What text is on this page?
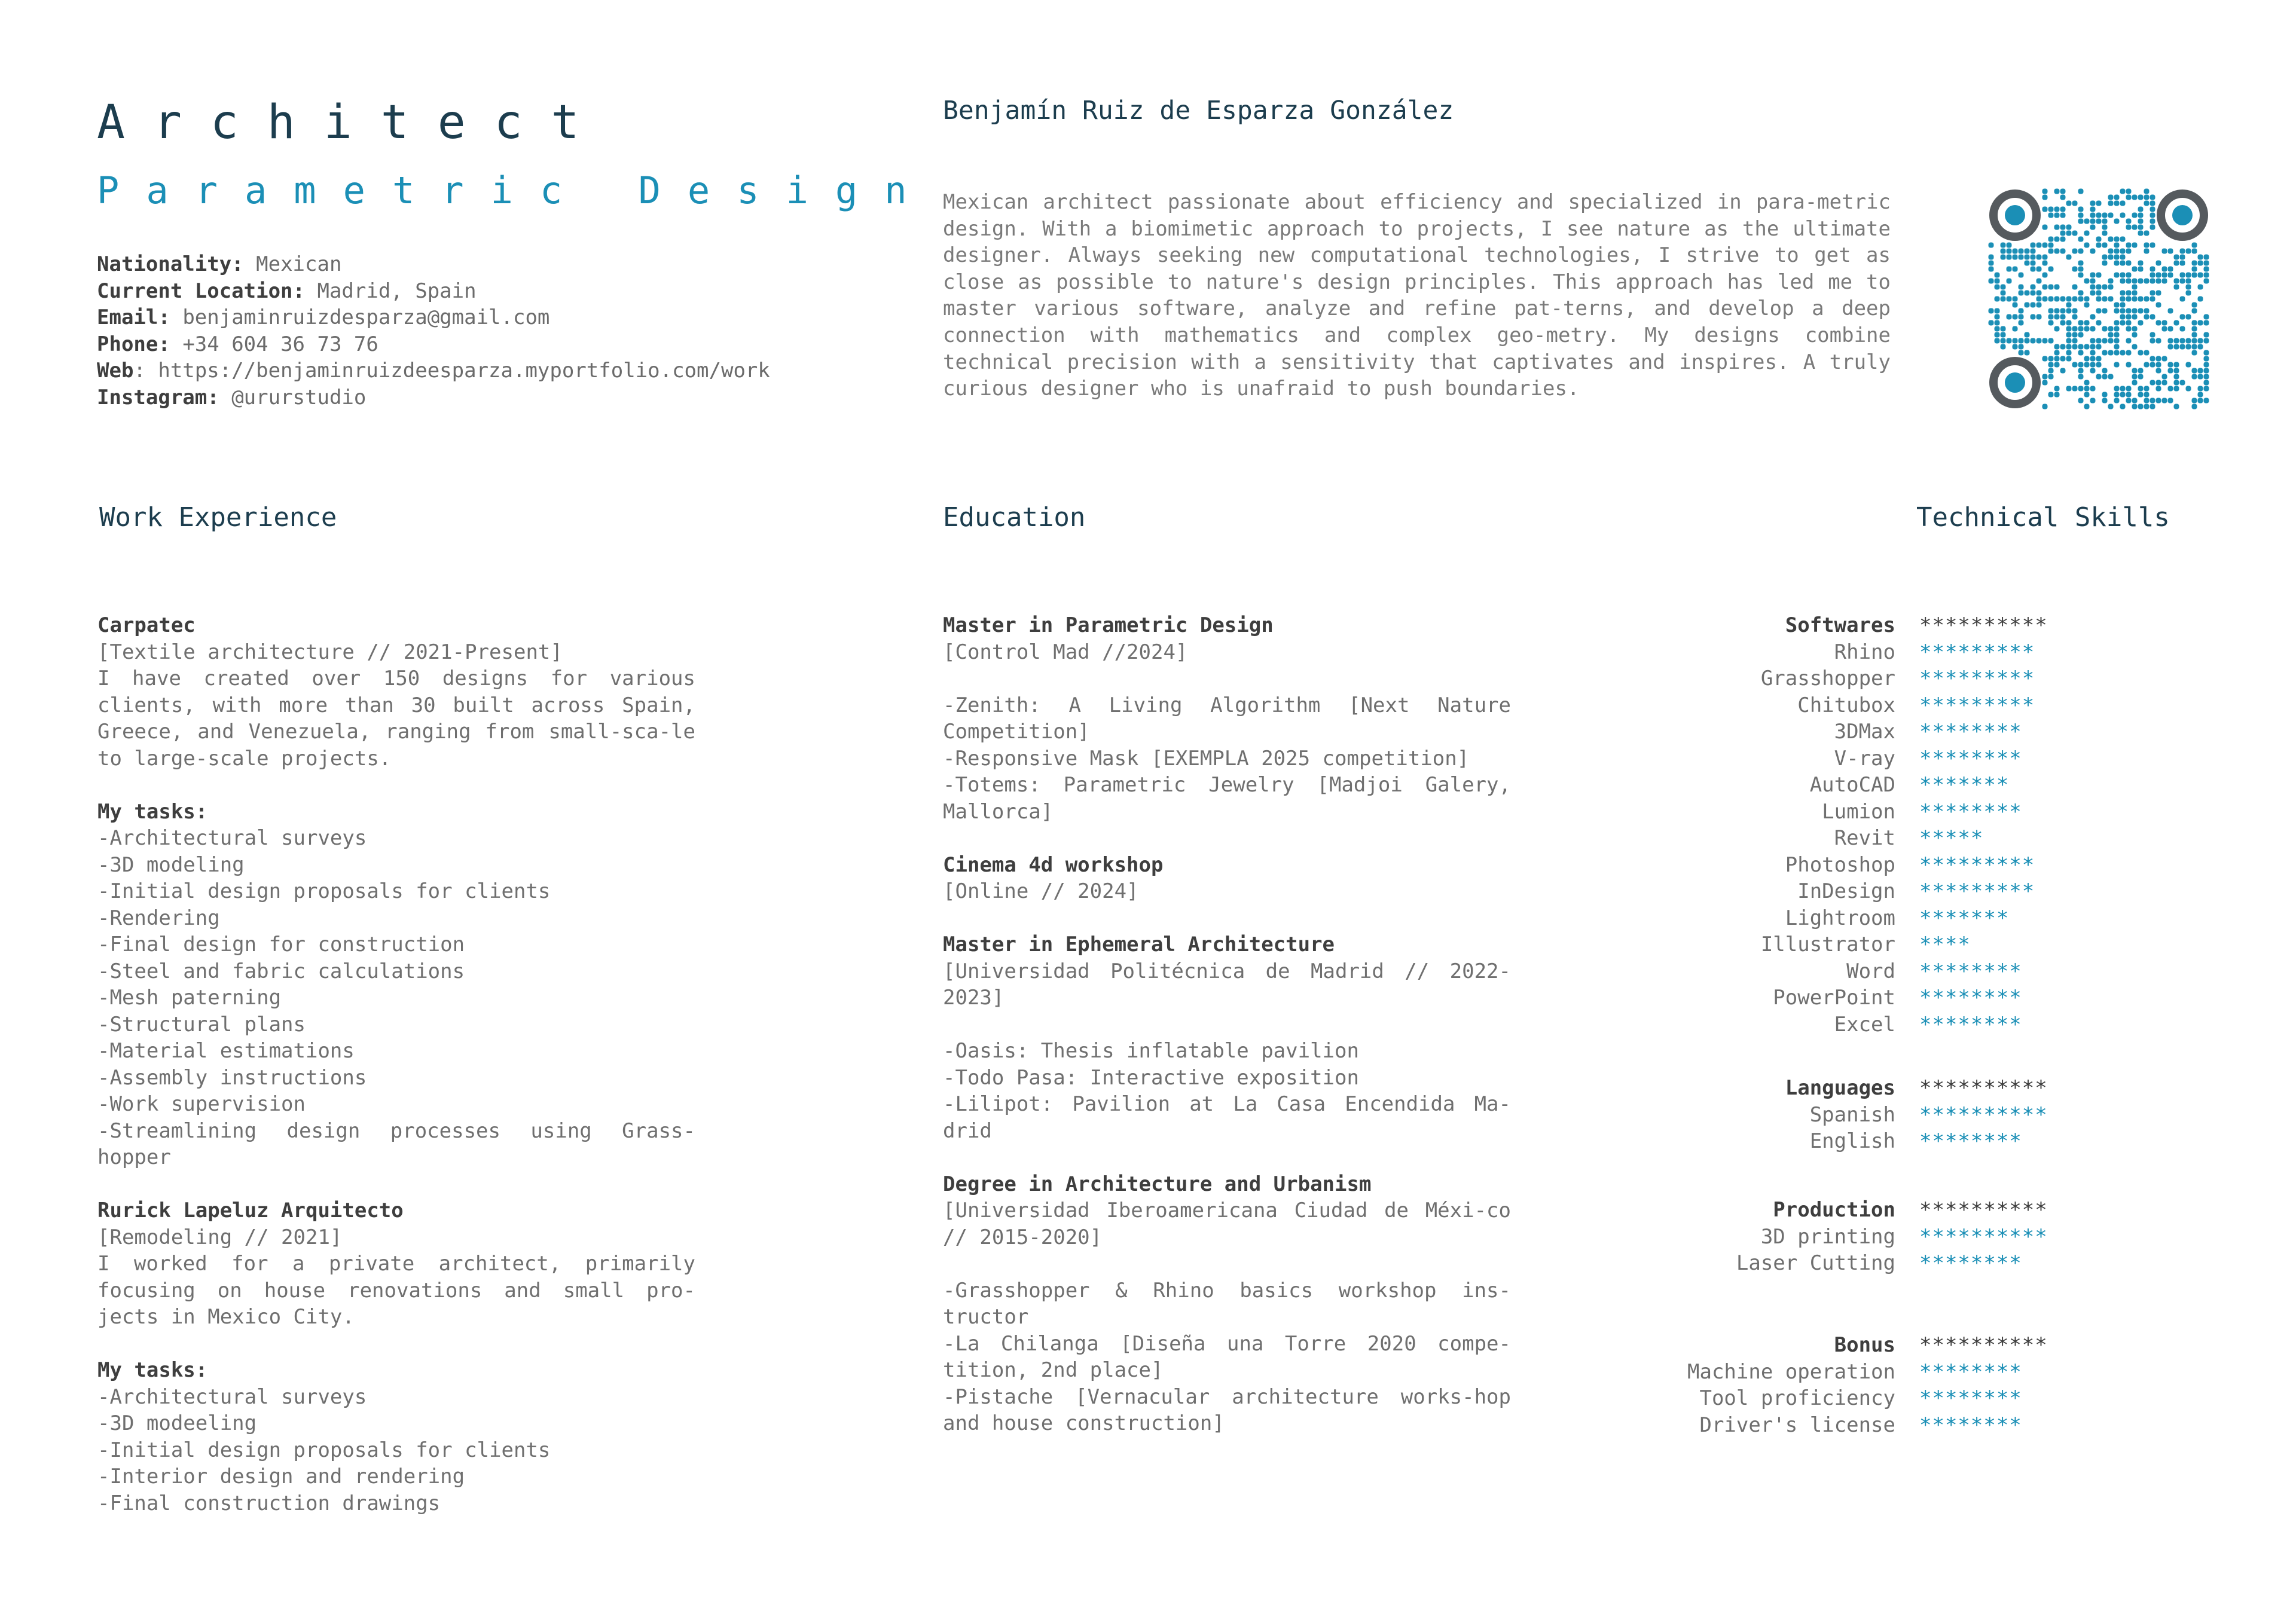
Architect
Parametric Design
Benjamín Ruiz de Esparza González
Nationality: Mexican
Current Location: Madrid, Spain
Email: benjaminruizdesparza@gmail.com
Phone: +34 604 36 73 76
Web: https://benjaminruizdeesparza.myportfolio.com/work
Instagram: @ururstudio
Mexican architect passionate about efficiency and specialized in para-metric design. With a biomimetic approach to projects, I see nature as the ultimate designer. Always seeking new computational technologies, I strive to get as close as possible to nature's design principles. This approach has led me to master various software, analyze and refine pat-terns, and develop a deep connection with mathematics and complex geo-metry. My designs combine technical precision with a sensitivity that captivates and inspires. A truly curious designer who is unafraid to push boundaries.
Work Experience	Education	Technical Skills
Carpatec
[Textile architecture // 2021-Present]
I have created over 150 designs for various clients, with more than 30 built across Spain, Greece, and Venezuela, ranging from small-sca-le to large-scale projects.
My tasks:
-Architectural surveys
-3D modeling
-Initial design proposals for clients
-Rendering
-Final design for construction
-Steel and fabric calculations
-Mesh paterning
-Structural plans
-Material estimations
-Assembly instructions
-Work supervision
-Streamlining design processes using Grass-hopper
Rurick Lapeluz Arquitecto
[Remodeling // 2021]
I worked for a private architect, primarily focusing on house renovations and small pro-jects in Mexico City.
My tasks:
-Architectural surveys
-3D modeeling
-Initial design proposals for clients
-Interior design and rendering
-Final construction drawings
Master in Parametric Design
[Control Mad //2024]
-Zenith: A Living Algorithm [Next Nature Competition]
-Responsive Mask [EXEMPLA 2025 competition]
-Totems: Parametric Jewelry [Madjoi Galery, Mallorca]
Cinema 4d workshop
[Online // 2024]
Master in Ephemeral Architecture
[Universidad Politécnica de Madrid // 2022-2023]
-Oasis: Thesis inflatable pavilion
-Todo Pasa: Interactive exposition
-Lilipot: Pavilion at La Casa Encendida Ma-drid
Degree in Architecture and Urbanism
[Universidad Iberoamericana Ciudad de Méxi-co // 2015-2020]
-Grasshopper & Rhino basics workshop ins-tructor
-La Chilanga [Diseña una Torre 2020 compe-tition, 2nd place]
-Pistache [Vernacular architecture works-hop and house construction]
Softwares	**********
Rhino	*********
Grasshopper	*********
Chitubox	*********
3DMax	********
V-ray	********
AutoCAD	*******
Lumion	********
Revit	*****
Photoshop	*********
InDesign	*********
Lightroom	*******
Illustrator	****
Word	********
PowerPoint	********
Excel	********
Languages	**********
Spanish	**********
English	********
Production	**********
3D printing	**********
Laser Cutting	********
Bonus	**********
Machine operation	********
Tool proficiency	********
Driver's license	********
